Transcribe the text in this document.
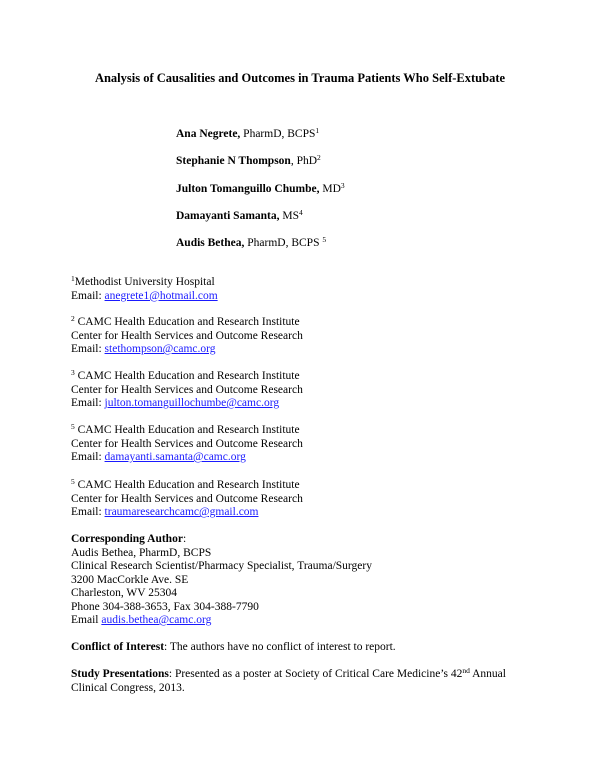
Analysis of Causalities and Outcomes in Trauma Patients Who Self-Extubate
Ana Negrete, PharmD, BCPS$^1$
Stephanie N Thompson, PhD$^2$
Julton Tomanguillo Chumbe, $MD^3$
Damayanti Samanta, $MS^4$
Audis Bethea, PharmD, BCPS $^5$
$^1$Methodist University Hospital
Email: anegrete1@hotmail.com
$^2$ CAMC Health Education and Research Institute
Center for Health Services and Outcome Research
Email: stethompson@camc.org
$^3$ CAMC Health Education and Research Institute
Center for Health Services and Outcome Research
Email: julton.tomanguillochumbe@camc.org
$^5$ CAMC Health Education and Research Institute
Center for Health Services and Outcome Research
Email: damayanti.samanta@camc.org
$^5$ CAMC Health Education and Research Institute
Center for Health Services and Outcome Research
Email: traumaresearchcamc@gmail.com
Corresponding Author:
Audis Bethea, PharmD, BCPS
Clinical Research Scientist/Pharmacy Specialist, Trauma/Surgery
3200 MacCorkle Ave. SE
Charleston, WV 25304
Phone 304-388-3653, Fax 304-388-7790
Email audis.bethea@camc.org
Conflict of Interest: The authors have no conflict of interest to report.
Study Presentations: Presented as a poster at Society of Critical Care Medicine’s 42nd Annual
Clinical Congress, 2013.
